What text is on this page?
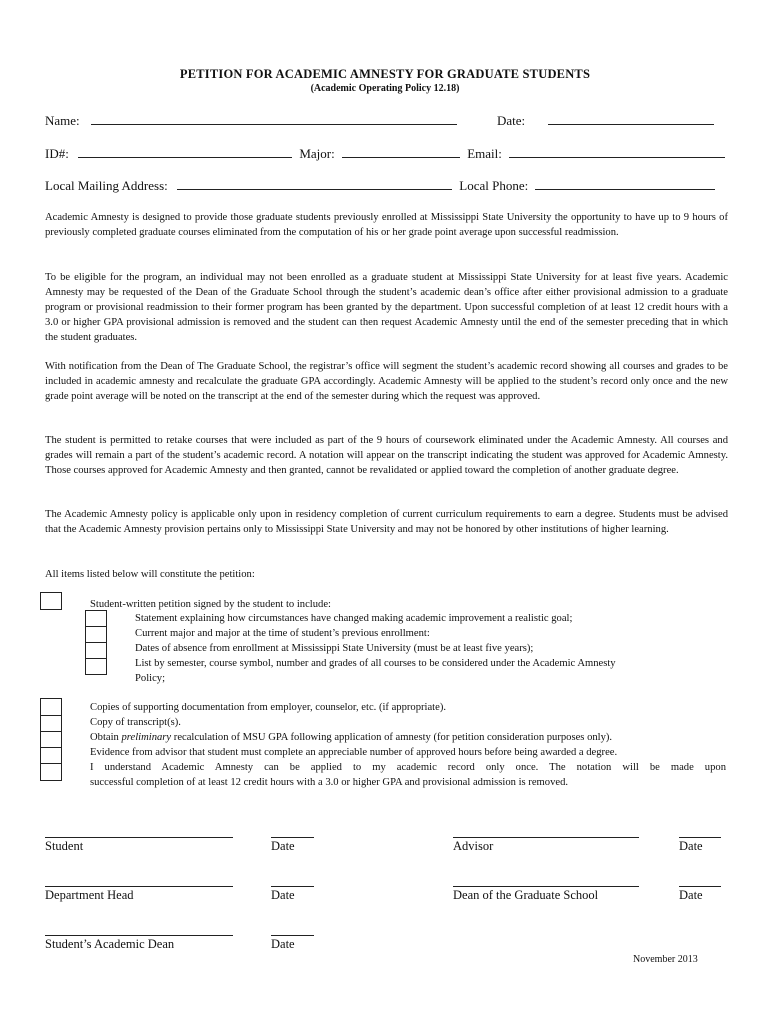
PETITION FOR ACADEMIC AMNESTY FOR GRADUATE STUDENTS
(Academic Operating Policy 12.18)
Name:	Date:
ID#:	Major:	Email:
Local Mailing Address:	Local Phone:
Academic Amnesty is designed to provide those graduate students previously enrolled at Mississippi State University the opportunity to have up to 9 hours of previously completed graduate courses eliminated from the computation of his or her grade point average upon successful readmission.
To be eligible for the program, an individual may not been enrolled as a graduate student at Mississippi State University for at least five years. Academic Amnesty may be requested of the Dean of the Graduate School through the student’s academic dean’s office after either provisional admission to a graduate program or provisional readmission to their former program has been granted by the department. Upon successful completion of at least 12 credit hours with a 3.0 or higher GPA provisional admission is removed and the student can then request Academic Amnesty until the end of the semester preceding that in which the student graduates.
With notification from the Dean of The Graduate School, the registrar’s office will segment the student’s academic record showing all courses and grades to be included in academic amnesty and recalculate the graduate GPA accordingly. Academic Amnesty will be applied to the student’s record only once and the new grade point average will be noted on the transcript at the end of the semester during which the request was approved.
The student is permitted to retake courses that were included as part of the 9 hours of coursework eliminated under the Academic Amnesty. All courses and grades will remain a part of the student’s academic record. A notation will appear on the transcript indicating the student was approved for Academic Amnesty. Those courses approved for Academic Amnesty and then granted, cannot be revalidated or applied toward the completion of another graduate degree.
The Academic Amnesty policy is applicable only upon in residency completion of current curriculum requirements to earn a degree. Students must be advised that the Academic Amnesty provision pertains only to Mississippi State University and may not be honored by other institutions of higher learning.
All items listed below will constitute the petition:
Student-written petition signed by the student to include:
Statement explaining how circumstances have changed making academic improvement a realistic goal;
Current major and major at the time of student’s previous enrollment:
Dates of absence from enrollment at Mississippi State University (must be at least five years);
List by semester, course symbol, number and grades of all courses to be considered under the Academic Amnesty
Policy;
Copies of supporting documentation from employer, counselor, etc. (if appropriate).
Copy of transcript(s).
Obtain preliminary recalculation of MSU GPA following application of amnesty (for petition consideration purposes only).
Evidence from advisor that student must complete an appreciable number of approved hours before being awarded a degree.
I understand Academic Amnesty can be applied to my academic record only once. The notation will be made upon
successful completion of at least 12 credit hours with a 3.0 or higher GPA and provisional admission is removed.
Student	Date	Advisor	Date
Department Head	Date	Dean of the Graduate School	Date
Student’s Academic Dean	Date
November 2013
